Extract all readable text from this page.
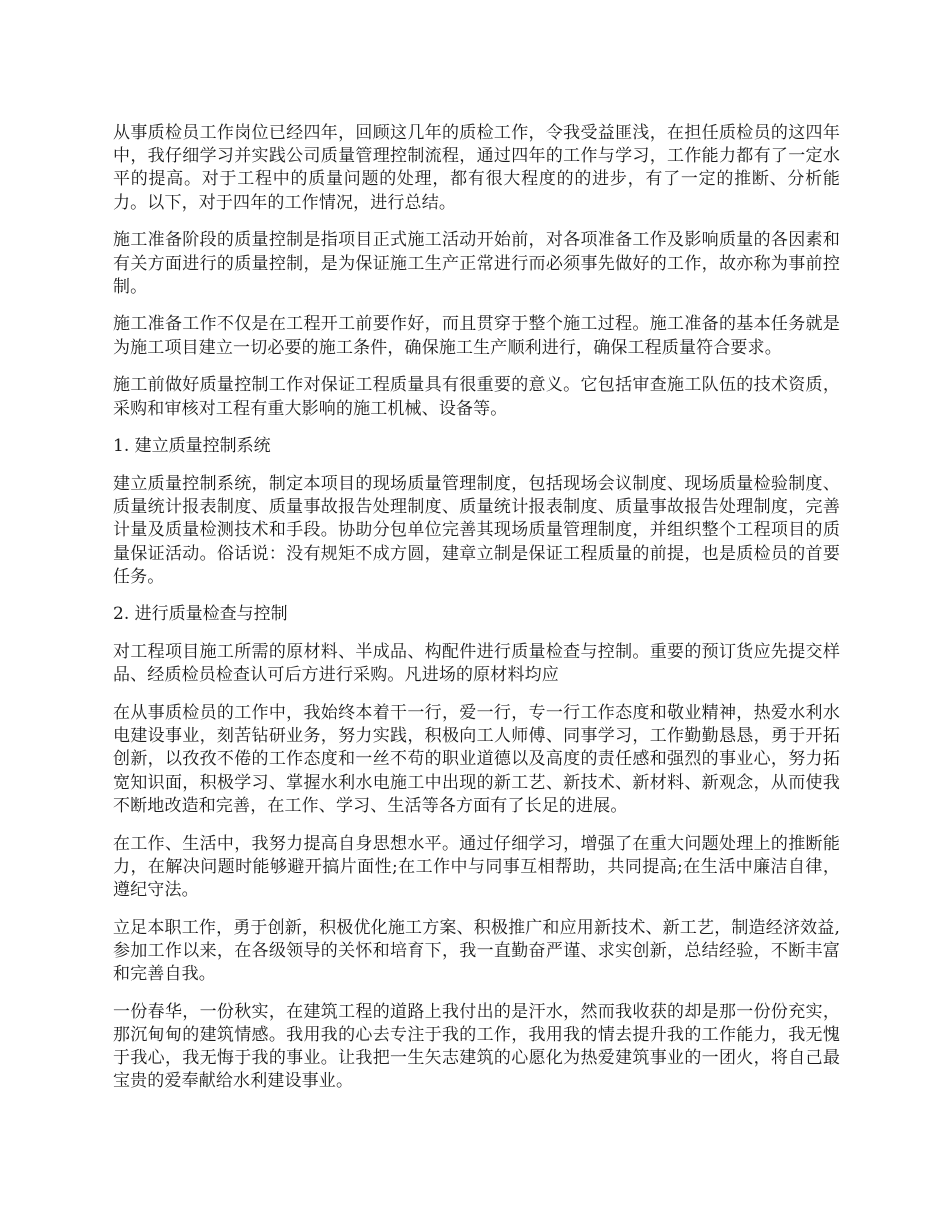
从事质检员工作岗位已经四年，回顾这几年的质检工作，令我受益匪浅，在担任质检员的这四年中，我仔细学习并实践公司质量管理控制流程，通过四年的工作与学习，工作能力都有了一定水平的提高。对于工程中的质量问题的处理，都有很大程度的的进步，有了一定的推断、分析能力。以下，对于四年的工作情况，进行总结。

施工准备阶段的质量控制是指项目正式施工活动开始前，对各项准备工作及影响质量的各因素和有关方面进行的质量控制，是为保证施工生产正常进行而必须事先做好的工作，故亦称为事前控制。

施工准备工作不仅是在工程开工前要作好，而且贯穿于整个施工过程。施工准备的基本任务就是为施工项目建立一切必要的施工条件，确保施工生产顺利进行，确保工程质量符合要求。

施工前做好质量控制工作对保证工程质量具有很重要的意义。它包括审查施工队伍的技术资质，采购和审核对工程有重大影响的施工机械、设备等。

1. 建立质量控制系统

建立质量控制系统，制定本项目的现场质量管理制度，包括现场会议制度、现场质量检验制度、质量统计报表制度、质量事故报告处理制度、质量统计报表制度、质量事故报告处理制度，完善计量及质量检测技术和手段。协助分包单位完善其现场质量管理制度，并组织整个工程项目的质量保证活动。俗话说：没有规矩不成方圆，建章立制是保证工程质量的前提，也是质检员的首要任务。

2. 进行质量检查与控制

对工程项目施工所需的原材料、半成品、构配件进行质量检查与控制。重要的预订货应先提交样品、经质检员检查认可后方进行采购。凡进场的原材料均应

在从事质检员的工作中，我始终本着干一行，爱一行，专一行工作态度和敬业精神，热爱水利水电建设事业，刻苦钻研业务，努力实践，积极向工人师傅、同事学习，工作勤勤恳恳，勇于开拓创新，以孜孜不倦的工作态度和一丝不苟的职业道德以及高度的责任感和强烈的事业心，努力拓宽知识面，积极学习、掌握水利水电施工中出现的新工艺、新技术、新材料、新观念，从而使我不断地改造和完善，在工作、学习、生活等各方面有了长足的进展。

在工作、生活中，我努力提高自身思想水平。通过仔细学习，增强了在重大问题处理上的推断能力，在解决问题时能够避开搞片面性;在工作中与同事互相帮助，共同提高;在生活中廉洁自律，遵纪守法。

立足本职工作，勇于创新，积极优化施工方案、积极推广和应用新技术、新工艺，制造经济效益,参加工作以来，在各级领导的关怀和培育下，我一直勤奋严谨、求实创新，总结经验，不断丰富和完善自我。

一份春华，一份秋实，在建筑工程的道路上我付出的是汗水，然而我收获的却是那一份份充实，那沉甸甸的建筑情感。我用我的心去专注于我的工作，我用我的情去提升我的工作能力，我无愧于我心，我无悔于我的事业。让我把一生矢志建筑的心愿化为热爱建筑事业的一团火，将自己最宝贵的爱奉献给水利建设事业。
